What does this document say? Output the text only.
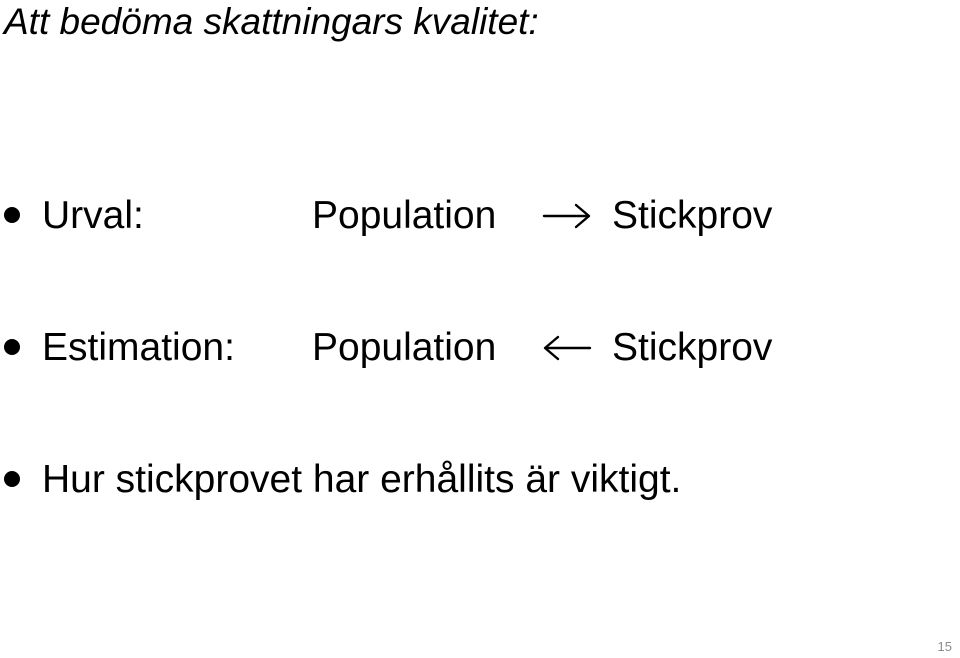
Att bedöma skattningars kvalitet:
Urval:	Population	Stickprov
Estimation: Population	Stickprov
Hur stickprovet har erhållits är viktigt.
15
